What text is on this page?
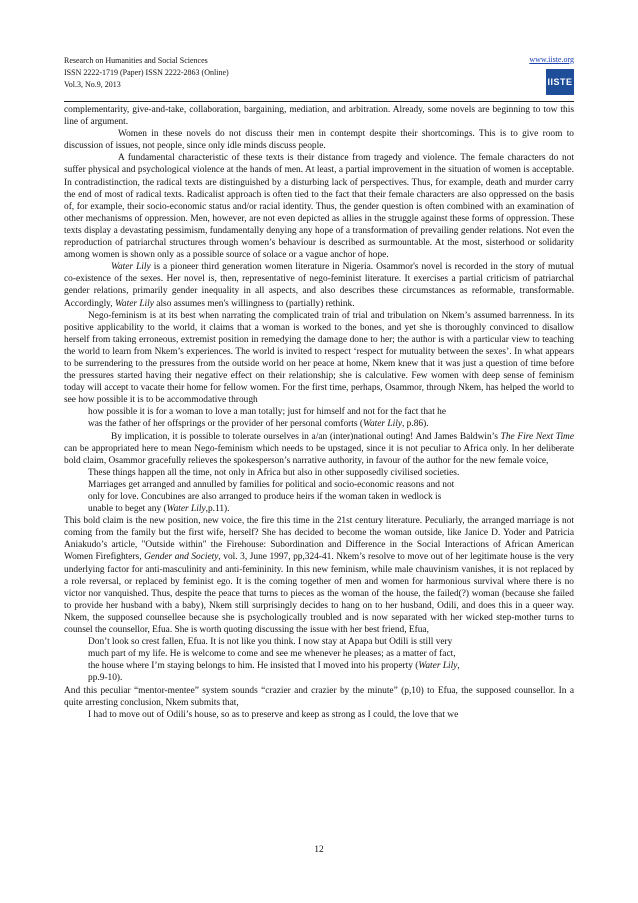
Research on Humanities and Social Sciences
ISSN 2222-1719 (Paper) ISSN 2222-2863 (Online)
Vol.3, No.9, 2013
www.iiste.org
IISTE

complementarity, give-and-take, collaboration, bargaining, mediation, and arbitration. Already, some novels are beginning to tow this line of argument.

Women in these novels do not discuss their men in contempt despite their shortcomings. This is to give room to discussion of issues, not people, since only idle minds discuss people.

A fundamental characteristic of these texts is their distance from tragedy and violence. The female characters do not suffer physical and psychological violence at the hands of men. At least, a partial improvement in the situation of women is acceptable. In contradistinction, the radical texts are distinguished by a disturbing lack of perspectives. Thus, for example, death and murder carry the end of most of radical texts. Radicalist approach is often tied to the fact that their female characters are also oppressed on the basis of, for example, their socio-economic status and/or racial identity. Thus, the gender question is often combined with an examination of other mechanisms of oppression. Men, however, are not even depicted as allies in the struggle against these forms of oppression. These texts display a devastating pessimism, fundamentally denying any hope of a transformation of prevailing gender relations. Not even the reproduction of patriarchal structures through women’s behaviour is described as surmountable. At the most, sisterhood or solidarity among women is shown only as a possible source of solace or a vague anchor of hope.

Water Lily is a pioneer third generation women literature in Nigeria. Osammor's novel is recorded in the story of mutual co-existence of the sexes. Her novel is, then, representative of nego-feminist literature. It exercises a partial criticism of patriarchal gender relations, primarily gender inequality in all aspects, and also describes these circumstances as reformable, transformable. Accordingly, Water Lily also assumes men's willingness to (partially) rethink.

Nego-feminism is at its best when narrating the complicated train of trial and tribulation on Nkem’s assumed barrenness. In its positive applicability to the world, it claims that a woman is worked to the bones, and yet she is thoroughly convinced to disallow herself from taking erroneous, extremist position in remedying the damage done to her; the author is with a particular view to teaching the world to learn from Nkem’s experiences. The world is invited to respect ‘respect for mutuality between the sexes’. In what appears to be surrendering to the pressures from the outside world on her peace at home, Nkem knew that it was just a question of time before the pressures started having their negative effect on their relationship; she is calculative. Few women with deep sense of feminism today will accept to vacate their home for fellow women. For the first time, perhaps, Osammor, through Nkem, has helped the world to see how possible it is to be accommodative through

how possible it is for a woman to love a man totally; just for himself and not for the fact that he
was the father of her offsprings or the provider of her personal comforts (Water Lily, p.86).

By implication, it is possible to tolerate ourselves in a/an (inter)national outing! And James Baldwin’s The Fire Next Time can be appropriated here to mean Nego-feminism which needs to be upstaged, since it is not peculiar to Africa only. In her deliberate bold claim, Osammor gracefully relieves the spokesperson’s narrative authority, in favour of the author for the new female voice,

These things happen all the time, not only in Africa but also in other supposedly civilised societies.
Marriages get arranged and annulled by families for political and socio-economic reasons and not
only for love. Concubines are also arranged to produce heirs if the woman taken in wedlock is
unable to beget any (Water Lily,p.11).

This bold claim is the new position, new voice, the fire this time in the 21st century literature. Peculiarly, the arranged marriage is not coming from the family but the first wife, herself? She has decided to become the woman outside, like Janice D. Yoder and Patricia Aniakudo’s article, "Outside within" the Firehouse: Subordination and Difference in the Social Interactions of African American Women Firefighters, Gender and Society, vol. 3, June 1997, pp,324-41. Nkem’s resolve to move out of her legitimate house is the very underlying factor for anti-masculinity and anti-femininity. In this new feminism, while male chauvinism vanishes, it is not replaced by a role reversal, or replaced by feminist ego. It is the coming together of men and women for harmonious survival where there is no victor nor vanquished. Thus, despite the peace that turns to pieces as the woman of the house, the failed(?) woman (because she failed to provide her husband with a baby), Nkem still surprisingly decides to hang on to her husband, Odili, and does this in a queer way. Nkem, the supposed counsellee because she is psychologically troubled and is now separated with her wicked step-mother turns to counsel the counsellor, Efua. She is worth quoting discussing the issue with her best friend, Efua,

Don’t look so crest fallen, Efua. It is not like you think. I now stay at Apapa but Odili is still very
much part of my life. He is welcome to come and see me whenever he pleases; as a matter of fact,
the house where I’m staying belongs to him. He insisted that I moved into his property (Water Lily,
pp.9-10).

And this peculiar “mentor-mentee” system sounds “crazier and crazier by the minute” (p,10) to Efua, the supposed counsellor. In a quite arresting conclusion, Nkem submits that,

I had to move out of Odili’s house, so as to preserve and keep as strong as I could, the love that we
12
